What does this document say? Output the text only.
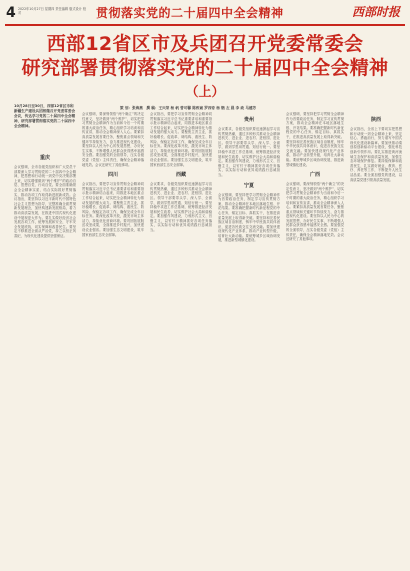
4 2022年10月27日 星期四 责任编辑 版式设计 校对	贯彻落实党的二十届四中全会精神	西部时报
西部12省区市及兵团召开党委常委会
研究部署贯彻落实党的二十届四中全会精神
（上）
策 划：张海燕　撰 稿：王兴荣 杨 帆 曾可馨 陈致诚 罗西奇 杨 锴 左 晨 李 政 马禧芳
10月28日至30日，西部12省区市和新疆生产建设兵团相继召开党委常委会会议，传达学习党的二十届四中全会精神，研究部署贯彻落实党的二十届四中全会精神。
重庆
会议强调，全市各级党组织和广大党员干部要深入学习贯彻党的二十届四中全会精神，把思想和行动统一到党中央决策部署上来，切实增强做到“两个维护”的政治自觉、思想自觉、行动自觉。要全面准确领会全会精神实质，结合实际抓好贯彻落实，推动各项工作取得新进展新成效。会议指出，要坚持以习近平新时代中国特色社会主义思想为指导，完整准确全面贯彻新发展理念，加快构建新发展格局，着力推动高质量发展，在推进中国式现代化建设中展现更大作为。要扎实做好经济社会发展各项工作，统筹发展和安全，守牢安全发展底线，切实保障和改善民生。要坚定不移推进全面从严治党，持之以恒正风肃纪，为现代化建设提供坚强保证。
会议强调，要深刻领悟“两个确立”的决定性意义，坚决做到“两个维护”，切实把学习贯彻全会精神作为当前和今后一个时期的重大政治任务，精心组织学习培训和宣传宣讲，推动全会精神深入人心。要紧扣高质量发展首要任务，聚焦重点领域和关键环节持续发力，奋力推进现代化建设。要坚持以人民为中心的发展思想，办好民生实事，不断增强人民群众获得感幸福感安全感。要加强党的全面领导，压实各级党委（党组）主体责任，确保全会精神落地见效。会议还研究了其他事项。
四川
会议指出，要把学习宣传贯彻全会精神同贯彻落实习近平总书记重要讲话和重要指示批示精神结合起来，同推进本地区重点工作结合起来，切实把全会精神转化为推动发展的强大动力。要聚焦主责主业，抓好稳增长、促改革、调结构、惠民生、防风险、保稳定各项工作，确保完成全年目标任务。要深化改革开放，激发市场主体活力，持续优化营商环境。要巩固拓展脱贫攻坚成果，全面推进乡村振兴，加快建设农业强省。要加强生态文明建设，筑牢国家西部生态安全屏障。
会议指出，要把学习宣传贯彻全会精神同贯彻落实习近平总书记重要讲话和重要指示批示精神结合起来，同推进本地区重点工作结合起来，切实把全会精神转化为推动发展的强大动力。要聚焦主责主业，抓好稳增长、促改革、调结构、惠民生、防风险、保稳定各项工作，确保完成全年目标任务。要深化改革开放，激发市场主体活力，持续优化营商环境。要巩固拓展脱贫攻坚成果，全面推进乡村振兴，加快建设农业强省。要加强生态文明建设，筑牢国家西部生态安全屏障。
西藏
会议要求，各级党组织要迅速掀起学习宣传贯彻热潮，通过多种形式推动全会精神进机关、进企业、进农村、进校园、进社区。领导干部要带头学、深入学、全面学，做到学思用贯通、知信行统一。要坚持稳中求进工作总基调，统筹推进经济发展和民生改善，切实维护社会大局和谐稳定。要加强作风建设，力戒形式主义、官僚主义，以钉钉子精神抓好各项任务落实，以实际行动和优异成绩践行忠诚担当。
贵州
会议要求，各级党组织要迅速掀起学习宣传贯彻热潮，通过多种形式推动全会精神进机关、进企业、进农村、进校园、进社区。领导干部要带头学、深入学、全面学，做到学思用贯通、知信行统一。要坚持稳中求进工作总基调，统筹推进经济发展和民生改善，切实维护社会大局和谐稳定。要加强作风建设，力戒形式主义、官僚主义，以钉钉子精神抓好各项任务落实，以实际行动和优异成绩践行忠诚担当。
宁夏
会议强调，要坚持把学习贯彻全会精神作为首要政治任务，制定学习宣传贯彻方案，推动全会精神在本地区落地生根、开花结果。要准确把握新时代新征程党的中心任务，锚定目标、真抓实干，在推进高质量发展上取得新突破。要坚持和完善民族区域自治制度，铸牢中华民族共同体意识，促进各民族交往交流交融。要加快建设现代化产业体系，推动产业转型升级，培育壮大新动能。要统筹城乡区域协调发展，推进新型城镇化建设。
会议强调，要坚持把学习贯彻全会精神作为首要政治任务，制定学习宣传贯彻方案，推动全会精神在本地区落地生根、开花结果。要准确把握新时代新征程党的中心任务，锚定目标、真抓实干，在推进高质量发展上取得新突破。要坚持和完善民族区域自治制度，铸牢中华民族共同体意识，促进各民族交往交流交融。要加快建设现代化产业体系，推动产业转型升级，培育壮大新动能。要统筹城乡区域协调发展，推进新型城镇化建设。
广西
会议强调，要深刻领悟“两个确立”的决定性意义，坚决做到“两个维护”，切实把学习贯彻全会精神作为当前和今后一个时期的重大政治任务，精心组织学习培训和宣传宣讲，推动全会精神深入人心。要紧扣高质量发展首要任务，聚焦重点领域和关键环节持续发力，奋力推进现代化建设。要坚持以人民为中心的发展思想，办好民生实事，不断增强人民群众获得感幸福感安全感。要加强党的全面领导，压实各级党委（党组）主体责任，确保全会精神落地见效。会议还研究了其他事项。
陕西
会议指出，全省上下要切实把思想和行动统一到全会精神上来，坚定信心、勇毅前行，努力谱写中国式现代化建设新篇章。要加快推动秦创原创新驱动平台建设，强化科技创新引领作用。要扎实推进黄河流域生态保护和高质量发展，加强生态环境保护修复。要持续保障和改善民生，扎实做好就业、教育、医疗、养老等工作，不断提升人民生活品质。要全面加强党的建设，以高质量党建引领高质量发展。
